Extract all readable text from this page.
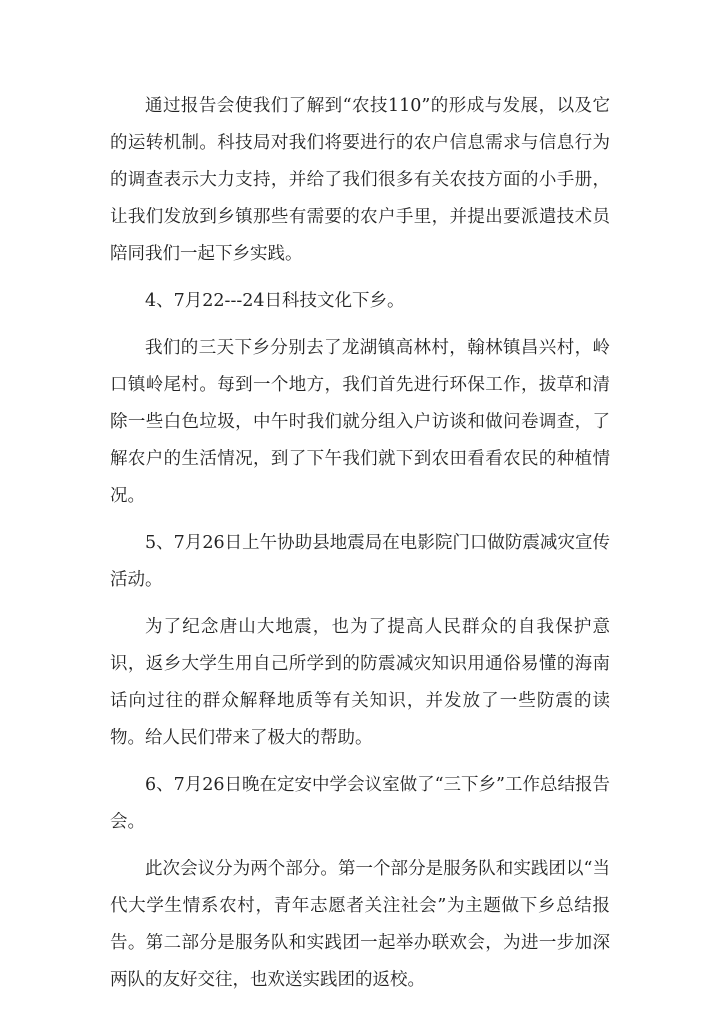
通过报告会使我们了解到“农技110”的形成与发展，以及它的运转机制。科技局对我们将要进行的农户信息需求与信息行为的调查表示大力支持，并给了我们很多有关农技方面的小手册，让我们发放到乡镇那些有需要的农户手里，并提出要派遣技术员陪同我们一起下乡实践。

4、7月22---24日科技文化下乡。

我们的三天下乡分别去了龙湖镇高林村，翰林镇昌兴村，岭口镇岭尾村。每到一个地方，我们首先进行环保工作，拔草和清除一些白色垃圾，中午时我们就分组入户访谈和做问卷调查，了解农户的生活情况，到了下午我们就下到农田看看农民的种植情况。

5、7月26日上午协助县地震局在电影院门口做防震减灾宣传活动。

为了纪念唐山大地震，也为了提高人民群众的自我保护意识，返乡大学生用自己所学到的防震减灾知识用通俗易懂的海南话向过往的群众解释地质等有关知识，并发放了一些防震的读物。给人民们带来了极大的帮助。

6、7月26日晚在定安中学会议室做了“三下乡”工作总结报告会。

此次会议分为两个部分。第一个部分是服务队和实践团以“当代大学生情系农村，青年志愿者关注社会”为主题做下乡总结报告。第二部分是服务队和实践团一起举办联欢会，为进一步加深两队的友好交往，也欢送实践团的返校。
